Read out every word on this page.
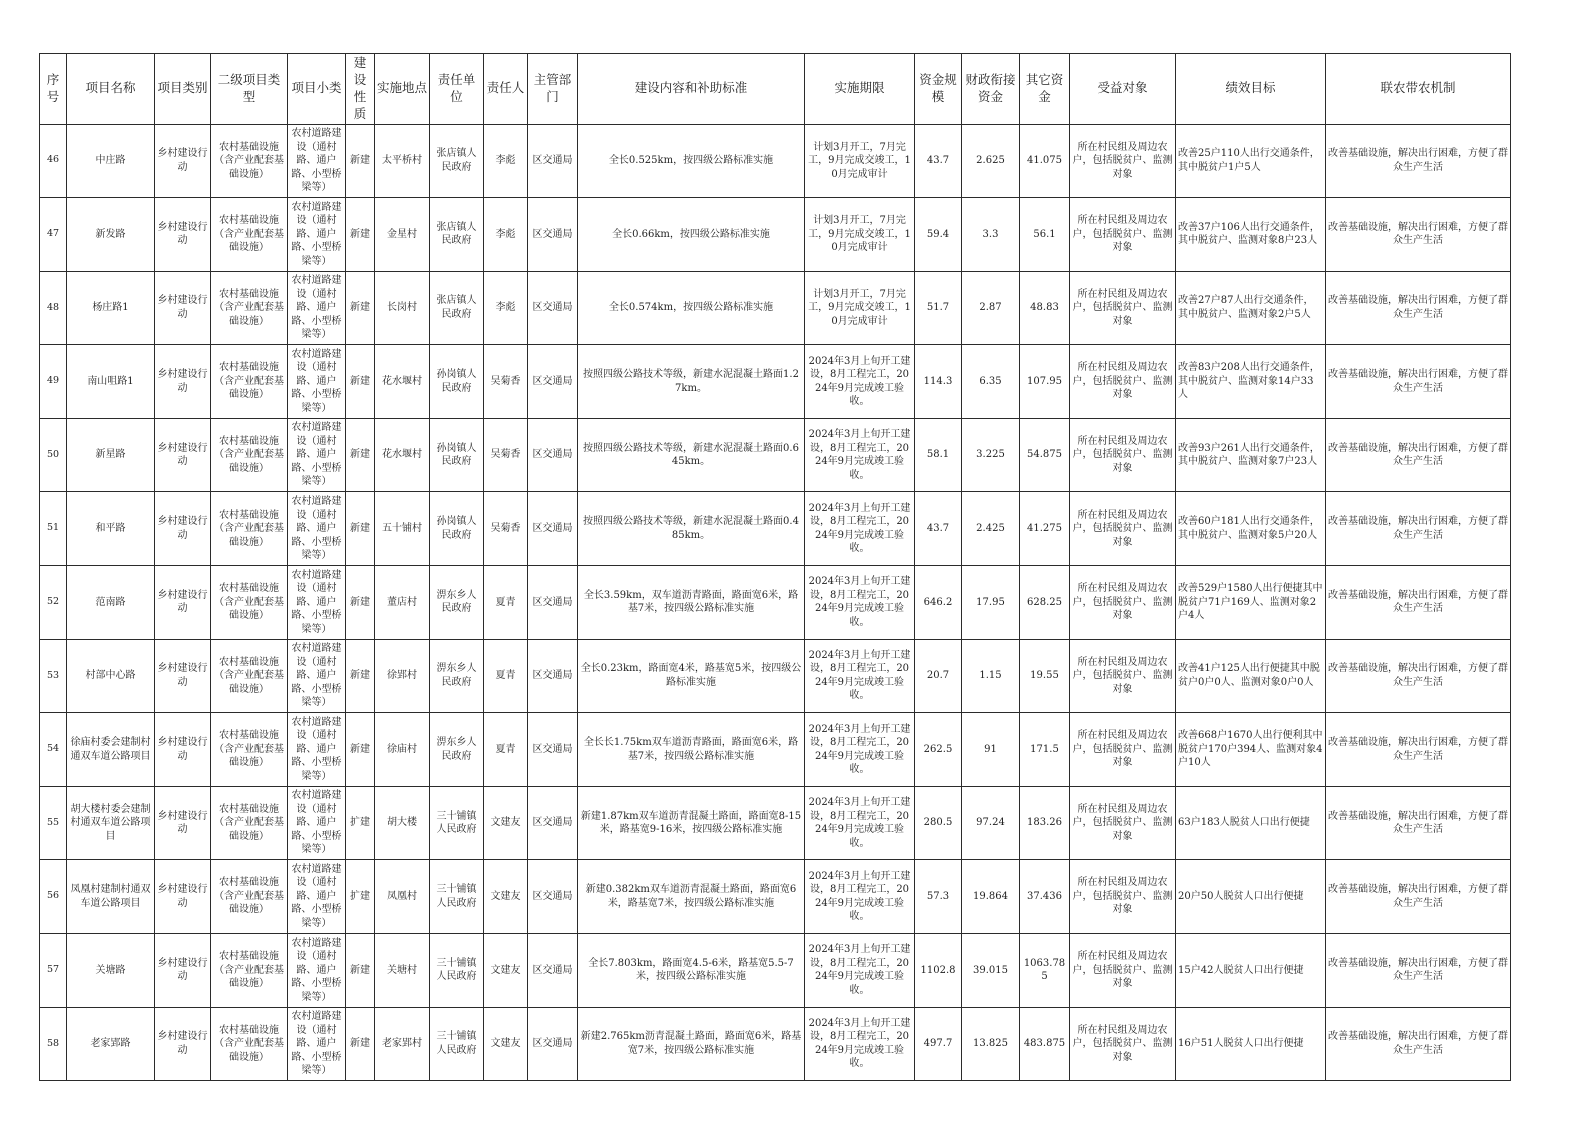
序号	项目名称	项目类别	二级项目类型	项目小类	建设性质	实施地点	责任单位	责任人	主管部门	建设内容和补助标准	实施期限	资金规模	财政衔接资金	其它资金	受益对象	绩效目标	联农带农机制
46	中庄路	乡村建设行动	农村基础设施（含产业配套基础设施）	农村道路建设（通村路、通户路、小型桥梁等）	新建	太平桥村	张店镇人民政府	李彪	区交通局	全长0.525km，按四级公路标准实施	计划3月开工，7月完工，9月完成交竣工，10月完成审计	43.7	2.625	41.075	所在村民组及周边农户，包括脱贫户、监测对象	改善25户110人出行交通条件，其中脱贫户1户5人	改善基础设施，解决出行困难，方便了群众生产生活
47	新发路	乡村建设行动	农村基础设施（含产业配套基础设施）	农村道路建设（通村路、通户路、小型桥梁等）	新建	金星村	张店镇人民政府	李彪	区交通局	全长0.66km，按四级公路标准实施	计划3月开工，7月完工，9月完成交竣工，10月完成审计	59.4	3.3	56.1	所在村民组及周边农户，包括脱贫户、监测对象	改善37户106人出行交通条件，其中脱贫户、监测对象8户23人	改善基础设施，解决出行困难，方便了群众生产生活
48	杨庄路1	乡村建设行动	农村基础设施（含产业配套基础设施）	农村道路建设（通村路、通户路、小型桥梁等）	新建	长岗村	张店镇人民政府	李彪	区交通局	全长0.574km，按四级公路标准实施	计划3月开工，7月完工，9月完成交竣工，10月完成审计	51.7	2.87	48.83	所在村民组及周边农户，包括脱贫户、监测对象	改善27户87人出行交通条件，其中脱贫户、监测对象2户5人	改善基础设施，解决出行困难，方便了群众生产生活
49	南山咀路1	乡村建设行动	农村基础设施（含产业配套基础设施）	农村道路建设（通村路、通户路、小型桥梁等）	新建	花水堰村	孙岗镇人民政府	吴菊香	区交通局	按照四级公路技术等级，新建水泥混凝土路面1.27km。	2024年3月上旬开工建设，8月工程完工，2024年9月完成竣工验收。	114.3	6.35	107.95	所在村民组及周边农户，包括脱贫户、监测对象	改善83户208人出行交通条件，其中脱贫户、监测对象14户33人	改善基础设施，解决出行困难，方便了群众生产生活
50	新星路	乡村建设行动	农村基础设施（含产业配套基础设施）	农村道路建设（通村路、通户路、小型桥梁等）	新建	花水堰村	孙岗镇人民政府	吴菊香	区交通局	按照四级公路技术等级，新建水泥混凝土路面0.645km。	2024年3月上旬开工建设，8月工程完工，2024年9月完成竣工验收。	58.1	3.225	54.875	所在村民组及周边农户，包括脱贫户、监测对象	改善93户261人出行交通条件，其中脱贫户、监测对象7户23人	改善基础设施，解决出行困难，方便了群众生产生活
51	和平路	乡村建设行动	农村基础设施（含产业配套基础设施）	农村道路建设（通村路、通户路、小型桥梁等）	新建	五十铺村	孙岗镇人民政府	吴菊香	区交通局	按照四级公路技术等级，新建水泥混凝土路面0.485km。	2024年3月上旬开工建设，8月工程完工，2024年9月完成竣工验收。	43.7	2.425	41.275	所在村民组及周边农户，包括脱贫户、监测对象	改善60户181人出行交通条件，其中脱贫户、监测对象5户20人	改善基础设施，解决出行困难，方便了群众生产生活
52	范南路	乡村建设行动	农村基础设施（含产业配套基础设施）	农村道路建设（通村路、通户路、小型桥梁等）	新建	董店村	淠东乡人民政府	夏青	区交通局	全长3.59km，双车道沥青路面，路面宽6米，路基7米，按四级公路标准实施	2024年3月上旬开工建设，8月工程完工，2024年9月完成竣工验收。	646.2	17.95	628.25	所在村民组及周边农户，包括脱贫户、监测对象	改善529户1580人出行便捷其中脱贫户71户169人、监测对象2户4人	改善基础设施，解决出行困难，方便了群众生产生活
53	村部中心路	乡村建设行动	农村基础设施（含产业配套基础设施）	农村道路建设（通村路、通户路、小型桥梁等）	新建	徐郢村	淠东乡人民政府	夏青	区交通局	全长0.23km，路面宽4米，路基宽5米，按四级公路标准实施	2024年3月上旬开工建设，8月工程完工，2024年9月完成竣工验收。	20.7	1.15	19.55	所在村民组及周边农户，包括脱贫户、监测对象	改善41户125人出行便捷其中脱贫户0户0人、监测对象0户0人	改善基础设施，解决出行困难，方便了群众生产生活
54	徐庙村委会建制村通双车道公路项目	乡村建设行动	农村基础设施（含产业配套基础设施）	农村道路建设（通村路、通户路、小型桥梁等）	新建	徐庙村	淠东乡人民政府	夏青	区交通局	全长长1.75km双车道沥青路面，路面宽6米，路基7米，按四级公路标准实施	2024年3月上旬开工建设，8月工程完工，2024年9月完成竣工验收。	262.5	91	171.5	所在村民组及周边农户，包括脱贫户、监测对象	改善668户1670人出行便利其中脱贫户170户394人、监测对象4户10人	改善基础设施，解决出行困难，方便了群众生产生活
55	胡大楼村委会建制村通双车道公路项目	乡村建设行动	农村基础设施（含产业配套基础设施）	农村道路建设（通村路、通户路、小型桥梁等）	扩建	胡大楼	三十铺镇人民政府	文建友	区交通局	新建1.87km双车道沥青混凝土路面，路面宽8-15米，路基宽9-16米，按四级公路标准实施	2024年3月上旬开工建设，8月工程完工，2024年9月完成竣工验收。	280.5	97.24	183.26	所在村民组及周边农户，包括脱贫户、监测对象	63户183人脱贫人口出行便捷	改善基础设施，解决出行困难，方便了群众生产生活
56	凤凰村建制村通双车道公路项目	乡村建设行动	农村基础设施（含产业配套基础设施）	农村道路建设（通村路、通户路、小型桥梁等）	扩建	凤凰村	三十铺镇人民政府	文建友	区交通局	新建0.382km双车道沥青混凝土路面，路面宽6米，路基宽7米，按四级公路标准实施	2024年3月上旬开工建设，8月工程完工，2024年9月完成竣工验收。	57.3	19.864	37.436	所在村民组及周边农户，包括脱贫户、监测对象	20户50人脱贫人口出行便捷	改善基础设施，解决出行困难，方便了群众生产生活
57	关塘路	乡村建设行动	农村基础设施（含产业配套基础设施）	农村道路建设（通村路、通户路、小型桥梁等）	新建	关塘村	三十铺镇人民政府	文建友	区交通局	全长7.803km，路面宽4.5-6米，路基宽5.5-7米，按四级公路标准实施	2024年3月上旬开工建设，8月工程完工，2024年9月完成竣工验收。	1102.8	39.015	1063.785	所在村民组及周边农户，包括脱贫户、监测对象	15户42人脱贫人口出行便捷	改善基础设施，解决出行困难，方便了群众生产生活
58	老家郢路	乡村建设行动	农村基础设施（含产业配套基础设施）	农村道路建设（通村路、通户路、小型桥梁等）	新建	老家郢村	三十铺镇人民政府	文建友	区交通局	新建2.765km沥青混凝土路面，路面宽6米，路基宽7米，按四级公路标准实施	2024年3月上旬开工建设，8月工程完工，2024年9月完成竣工验收。	497.7	13.825	483.875	所在村民组及周边农户，包括脱贫户、监测对象	16户51人脱贫人口出行便捷	改善基础设施，解决出行困难，方便了群众生产生活
